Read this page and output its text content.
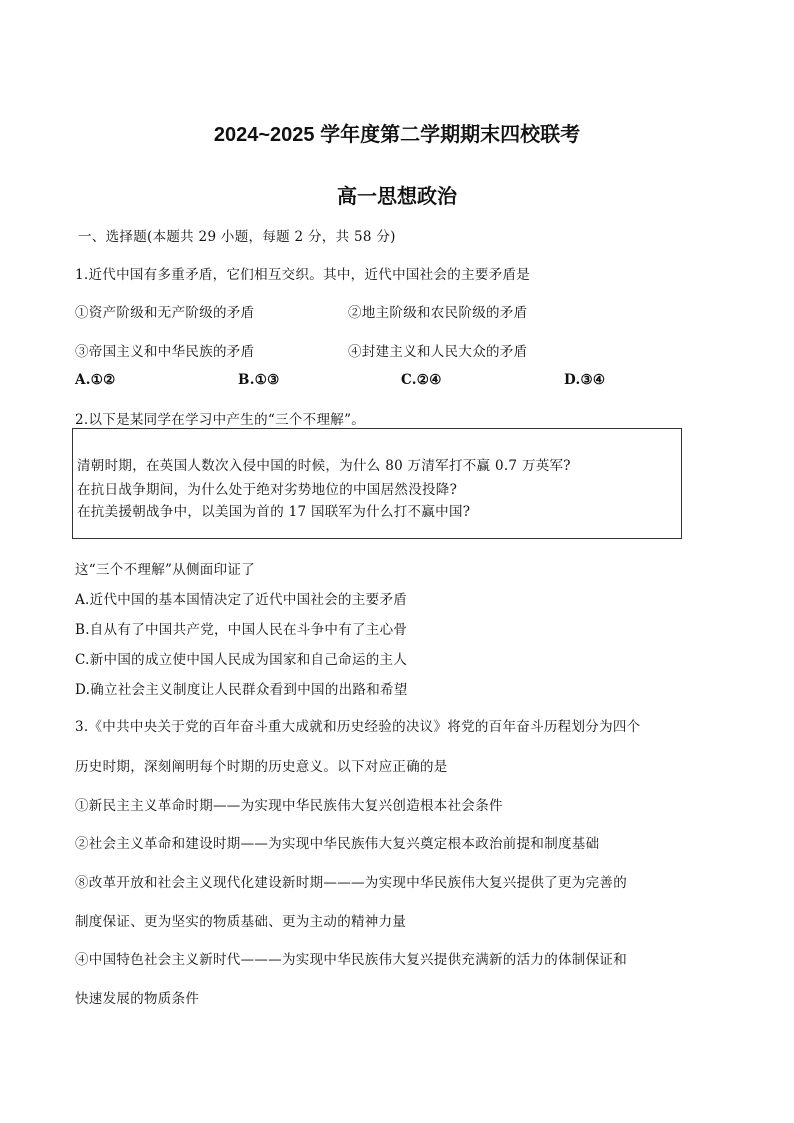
2024~2025 学年度第二学期期末四校联考
高一思想政治
一、选择题(本题共 29 小题，每题 2 分，共 58 分)
1.近代中国有多重矛盾，它们相互交织。其中，近代中国社会的主要矛盾是
①资产阶级和无产阶级的矛盾	②地主阶级和农民阶级的矛盾
③帝国主义和中华民族的矛盾	④封建主义和人民大众的矛盾
A.①②	B.①③	C.②④	D.③④
2.以下是某同学在学习中产生的“三个不理解”。
清朝时期，在英国人数次入侵中国的时候，为什么 80 万清军打不赢 0.7 万英军?
在抗日战争期间，为什么处于绝对劣势地位的中国居然没投降?
在抗美援朝战争中，以美国为首的 17 国联军为什么打不赢中国?
这“三个不理解”从侧面印证了
A.近代中国的基本国情决定了近代中国社会的主要矛盾
B.自从有了中国共产党，中国人民在斗争中有了主心骨
C.新中国的成立使中国人民成为国家和自己命运的主人
D.确立社会主义制度让人民群众看到中国的出路和希望
3.《中共中央关于党的百年奋斗重大成就和历史经验的决议》将党的百年奋斗历程划分为四个
历史时期，深刻阐明每个时期的历史意义。以下对应正确的是
①新民主主义革命时期——为实现中华民族伟大复兴创造根本社会条件
②社会主义革命和建设时期——为实现中华民族伟大复兴奠定根本政治前提和制度基础
⑧改革开放和社会主义现代化建设新时期———为实现中华民族伟大复兴提供了更为完善的
制度保证、更为坚实的物质基础、更为主动的精神力量
④中国特色社会主义新时代———为实现中华民族伟大复兴提供充满新的活力的体制保证和
快速发展的物质条件
